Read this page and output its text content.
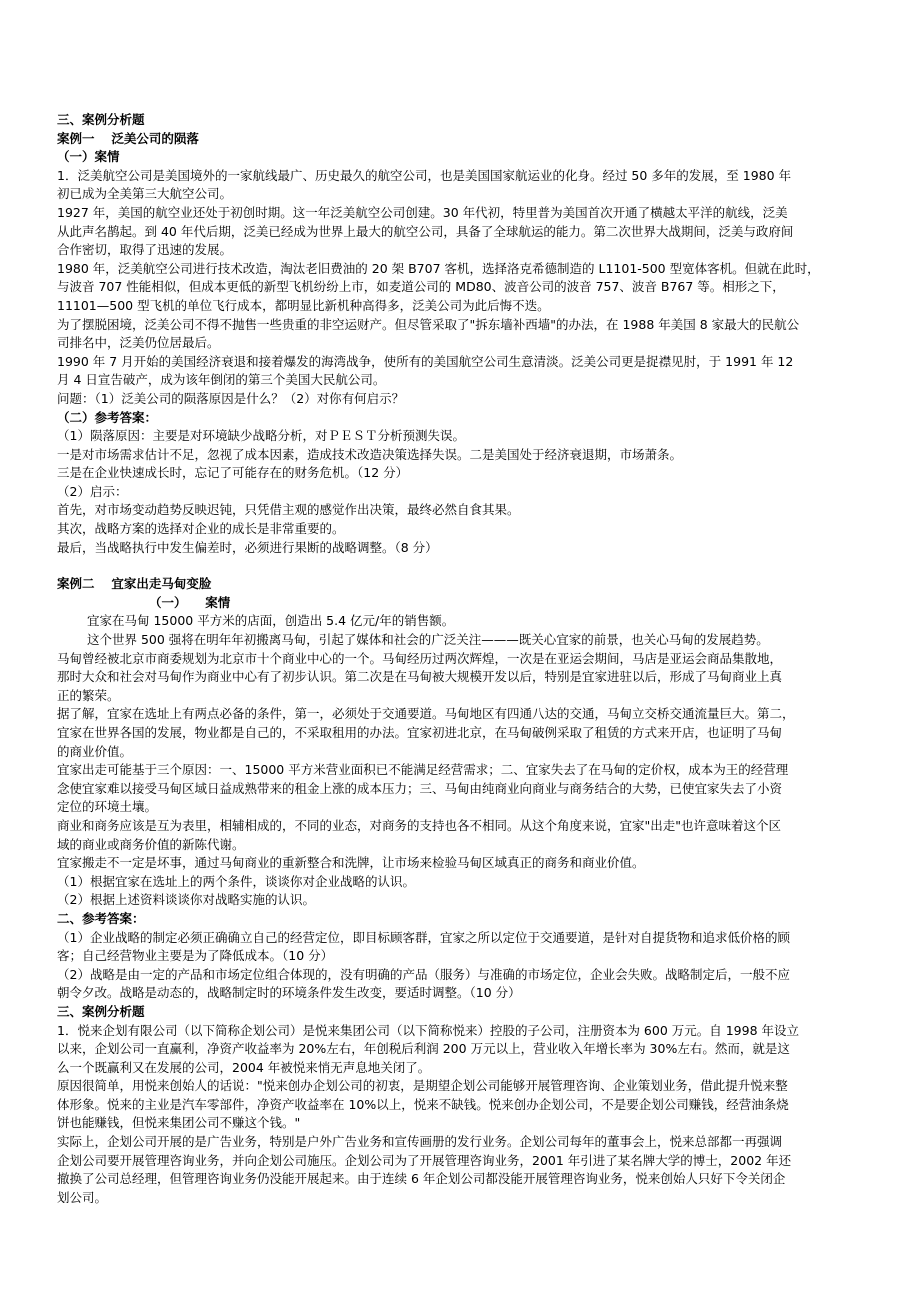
三、案例分析题

案例一　 泛美公司的陨落

（一）案情

1．泛美航空公司是美国境外的一家航线最广、历史最久的航空公司，也是美国国家航运业的化身。经过 50 多年的发展，至 1980 年

初已成为全美第三大航空公司。

1927 年，美国的航空业还处于初创时期。这一年泛美航空公司创建。30 年代初，特里普为美国首次开通了横越太平洋的航线，泛美

从此声名鹊起。到 40 年代后期，泛美已经成为世界上最大的航空公司，具备了全球航运的能力。第二次世界大战期间，泛美与政府间

合作密切，取得了迅速的发展。

1980 年，泛美航空公司进行技术改造，淘汰老旧费油的 20 架 B707 客机，选择洛克希德制造的 L1101-500 型宽体客机。但就在此时，

与波音 707 性能相似，但成本更低的新型飞机纷纷上市，如麦道公司的 MD80、波音公司的波音 757、波音 B767 等。相形之下，

11101—500 型飞机的单位飞行成本，都明显比新机种高得多，泛美公司为此后悔不迭。

为了摆脱困境，泛美公司不得不抛售一些贵重的非空运财产。但尽管采取了"拆东墙补西墙"的办法，在 1988 年美国 8 家最大的民航公

司排名中，泛美仍位居最后。

1990 年 7 月开始的美国经济衰退和接着爆发的海湾战争，使所有的美国航空公司生意清淡。泛美公司更是捉襟见肘，于 1991 年 12

月 4 日宣告破产，成为该年倒闭的第三个美国大民航公司。

问题：（1）泛美公司的陨落原因是什么？（2）对你有何启示？

（二）参考答案：

（1）陨落原因：主要是对环境缺少战略分析，对ＰＥＳＴ分析预测失误。

一是对市场需求估计不足，忽视了成本因素，造成技术改造决策选择失误。二是美国处于经济衰退期，市场萧条。

三是在企业快速成长时，忘记了可能存在的财务危机。（12 分）

（2）启示：

首先，对市场变动趋势反映迟钝，只凭借主观的感觉作出决策，最终必然自食其果。

其次，战略方案的选择对企业的成长是非常重要的。

最后，当战略执行中发生偏差时，必须进行果断的战略调整。（8 分）

案例二　 宜家出走马甸变脸

（一）　　案情

宜家在马甸 15000 平方米的店面，创造出 5.4 亿元/年的销售额。

这个世界 500 强将在明年年初搬离马甸，引起了媒体和社会的广泛关注———既关心宜家的前景，也关心马甸的发展趋势。

马甸曾经被北京市商委规划为北京市十个商业中心的一个。马甸经历过两次辉煌，一次是在亚运会期间，马店是亚运会商品集散地，

那时大众和社会对马甸作为商业中心有了初步认识。第二次是在马甸被大规模开发以后，特别是宜家进驻以后，形成了马甸商业上真

正的繁荣。

据了解，宜家在选址上有两点必备的条件，第一，必须处于交通要道。马甸地区有四通八达的交通，马甸立交桥交通流量巨大。第二，

宜家在世界各国的发展，物业都是自己的，不采取租用的办法。宜家初进北京，在马甸破例采取了租赁的方式来开店，也证明了马甸

的商业价值。

宜家出走可能基于三个原因：一、15000 平方米营业面积已不能满足经营需求；二、宜家失去了在马甸的定价权，成本为王的经营理

念使宜家难以接受马甸区域日益成熟带来的租金上涨的成本压力；三、马甸由纯商业向商业与商务结合的大势，已使宜家失去了小资

定位的环境土壤。

商业和商务应该是互为表里，相辅相成的，不同的业态，对商务的支持也各不相同。从这个角度来说，宜家"出走"也许意味着这个区

域的商业或商务价值的新陈代谢。

宜家搬走不一定是坏事，通过马甸商业的重新整合和洗牌，让市场来检验马甸区域真正的商务和商业价值。

（1）根据宜家在选址上的两个条件，谈谈你对企业战略的认识。

（2）根据上述资料谈谈你对战略实施的认识。

二、参考答案：

（1）企业战略的制定必须正确确立自己的经营定位，即目标顾客群，宜家之所以定位于交通要道，是针对自提货物和追求低价格的顾

客；自己经营物业主要是为了降低成本。（10 分）

（2）战略是由一定的产品和市场定位组合体现的，没有明确的产品（服务）与准确的市场定位，企业会失败。战略制定后，一般不应

朝令夕改。战略是动态的，战略制定时的环境条件发生改变，要适时调整。（10 分）

三、案例分析题

1．悦来企划有限公司（以下简称企划公司）是悦来集团公司（以下简称悦来）控股的子公司，注册资本为 600 万元。自 1998 年设立

以来，企划公司一直赢利，净资产收益率为 20%左右，年创税后利润 200 万元以上，营业收入年增长率为 30%左右。然而，就是这

么一个既赢利又在发展的公司，2004 年被悦来悄无声息地关闭了。

原因很简单，用悦来创始人的话说："悦来创办企划公司的初衷，是期望企划公司能够开展管理咨询、企业策划业务，借此提升悦来整

体形象。悦来的主业是汽车零部件，净资产收益率在 10%以上，悦来不缺钱。悦来创办企划公司，不是要企划公司赚钱，经营油条烧

饼也能赚钱，但悦来集团公司不赚这个钱。"

实际上，企划公司开展的是广告业务，特别是户外广告业务和宣传画册的发行业务。企划公司每年的董事会上，悦来总部都一再强调

企划公司要开展管理咨询业务，并向企划公司施压。企划公司为了开展管理咨询业务，2001 年引进了某名牌大学的博士，2002 年还

撤换了公司总经理，但管理咨询业务仍没能开展起来。由于连续 6 年企划公司都没能开展管理咨询业务，悦来创始人只好下令关闭企

划公司。
